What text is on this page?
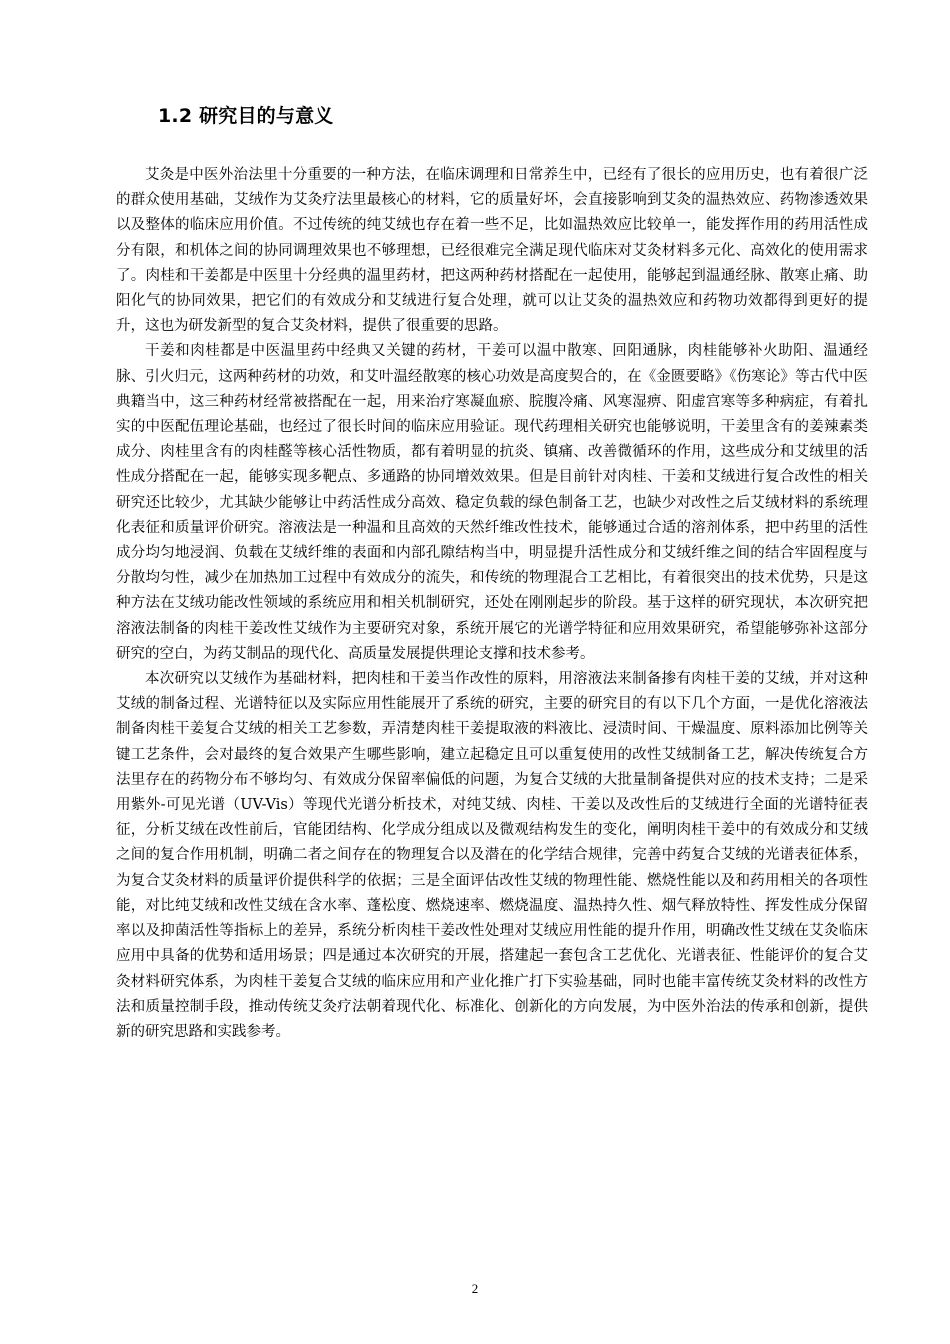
1.2 研究目的与意义

艾灸是中医外治法里十分重要的一种方法，在临床调理和日常养生中，已经有了很长的应用历史，也有着很广泛的群众使用基础，艾绒作为艾灸疗法里最核心的材料，它的质量好坏，会直接影响到艾灸的温热效应、药物渗透效果以及整体的临床应用价值。不过传统的纯艾绒也存在着一些不足，比如温热效应比较单一，能发挥作用的药用活性成分有限，和机体之间的协同调理效果也不够理想，已经很难完全满足现代临床对艾灸材料多元化、高效化的使用需求了。肉桂和干姜都是中医里十分经典的温里药材，把这两种药材搭配在一起使用，能够起到温通经脉、散寒止痛、助阳化气的协同效果，把它们的有效成分和艾绒进行复合处理，就可以让艾灸的温热效应和药物功效都得到更好的提升，这也为研发新型的复合艾灸材料，提供了很重要的思路。

干姜和肉桂都是中医温里药中经典又关键的药材，干姜可以温中散寒、回阳通脉，肉桂能够补火助阳、温通经脉、引火归元，这两种药材的功效，和艾叶温经散寒的核心功效是高度契合的，在《金匮要略》《伤寒论》等古代中医典籍当中，这三种药材经常被搭配在一起，用来治疗寒凝血瘀、脘腹冷痛、风寒湿痹、阳虚宫寒等多种病症，有着扎实的中医配伍理论基础，也经过了很长时间的临床应用验证。现代药理相关研究也能够说明，干姜里含有的姜辣素类成分、肉桂里含有的肉桂醛等核心活性物质，都有着明显的抗炎、镇痛、改善微循环的作用，这些成分和艾绒里的活性成分搭配在一起，能够实现多靶点、多通路的协同增效效果。但是目前针对肉桂、干姜和艾绒进行复合改性的相关研究还比较少，尤其缺少能够让中药活性成分高效、稳定负载的绿色制备工艺，也缺少对改性之后艾绒材料的系统理化表征和质量评价研究。溶液法是一种温和且高效的天然纤维改性技术，能够通过合适的溶剂体系，把中药里的活性成分均匀地浸润、负载在艾绒纤维的表面和内部孔隙结构当中，明显提升活性成分和艾绒纤维之间的结合牢固程度与分散均匀性，减少在加热加工过程中有效成分的流失，和传统的物理混合工艺相比，有着很突出的技术优势，只是这种方法在艾绒功能改性领域的系统应用和相关机制研究，还处在刚刚起步的阶段。基于这样的研究现状，本次研究把溶液法制备的肉桂干姜改性艾绒作为主要研究对象，系统开展它的光谱学特征和应用效果研究，希望能够弥补这部分研究的空白，为药艾制品的现代化、高质量发展提供理论支撑和技术参考。

本次研究以艾绒作为基础材料，把肉桂和干姜当作改性的原料，用溶液法来制备掺有肉桂干姜的艾绒，并对这种艾绒的制备过程、光谱特征以及实际应用性能展开了系统的研究，主要的研究目的有以下几个方面，一是优化溶液法制备肉桂干姜复合艾绒的相关工艺参数，弄清楚肉桂干姜提取液的料液比、浸渍时间、干燥温度、原料添加比例等关键工艺条件，会对最终的复合效果产生哪些影响，建立起稳定且可以重复使用的改性艾绒制备工艺，解决传统复合方法里存在的药物分布不够均匀、有效成分保留率偏低的问题，为复合艾绒的大批量制备提供对应的技术支持；二是采用紫外-可见光谱（UV-Vis）等现代光谱分析技术，对纯艾绒、肉桂、干姜以及改性后的艾绒进行全面的光谱特征表征，分析艾绒在改性前后，官能团结构、化学成分组成以及微观结构发生的变化，阐明肉桂干姜中的有效成分和艾绒之间的复合作用机制，明确二者之间存在的物理复合以及潜在的化学结合规律，完善中药复合艾绒的光谱表征体系，为复合艾灸材料的质量评价提供科学的依据；三是全面评估改性艾绒的物理性能、燃烧性能以及和药用相关的各项性能，对比纯艾绒和改性艾绒在含水率、蓬松度、燃烧速率、燃烧温度、温热持久性、烟气释放特性、挥发性成分保留率以及抑菌活性等指标上的差异，系统分析肉桂干姜改性处理对艾绒应用性能的提升作用，明确改性艾绒在艾灸临床应用中具备的优势和适用场景；四是通过本次研究的开展，搭建起一套包含工艺优化、光谱表征、性能评价的复合艾灸材料研究体系，为肉桂干姜复合艾绒的临床应用和产业化推广打下实验基础，同时也能丰富传统艾灸材料的改性方法和质量控制手段，推动传统艾灸疗法朝着现代化、标准化、创新化的方向发展，为中医外治法的传承和创新，提供新的研究思路和实践参考。

2
